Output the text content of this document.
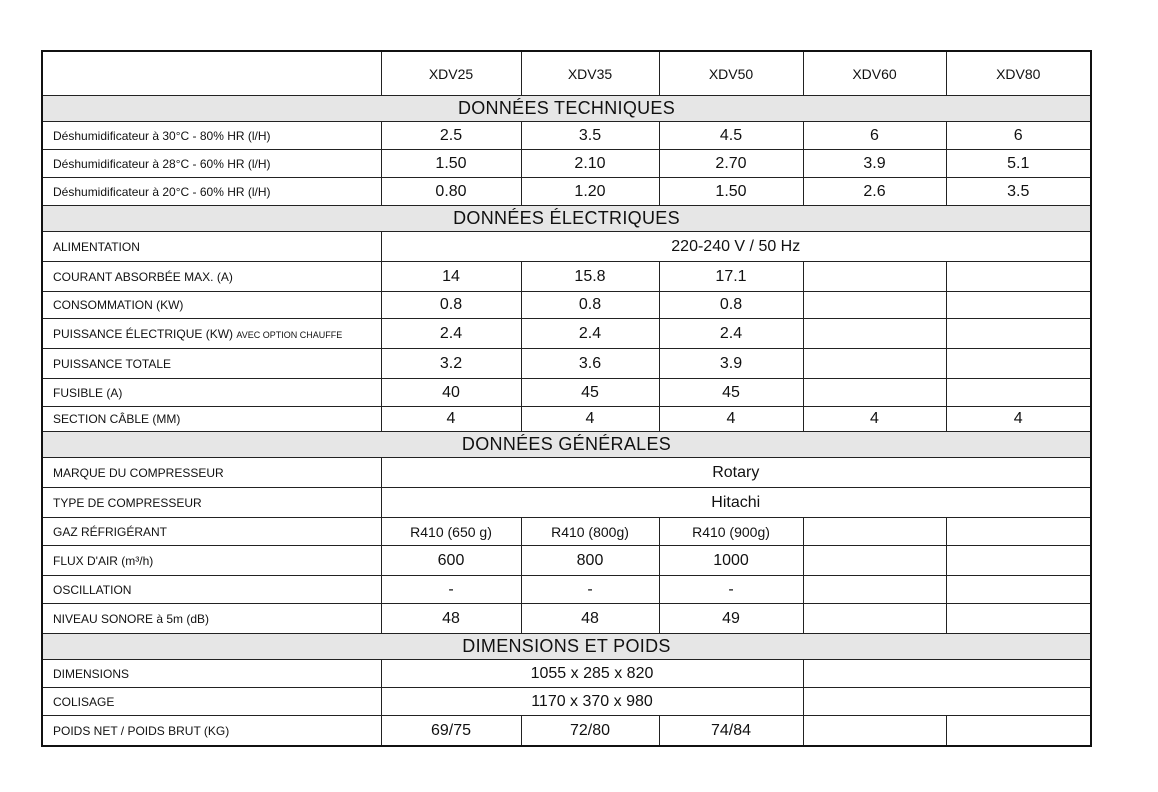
	XDV25	XDV35	XDV50	XDV60	XDV80
DONNÉES TECHNIQUES					
Déshumidificateur à 30°C - 80% HR (l/H)	2.5	3.5	4.5	6	6
Déshumidificateur à 28°C - 60% HR (l/H)	1.50	2.10	2.70	3.9	5.1
Déshumidificateur à 20°C - 60% HR (l/H)	0.80	1.20	1.50	2.6	3.5
DONNÉES ÉLECTRIQUES					
ALIMENTATION	220-240 V / 50 Hz				
COURANT ABSORBÉE MAX. (A)	14	15.8	17.1		
CONSOMMATION (KW)	0.8	0.8	0.8		
PUISSANCE ÉLECTRIQUE (KW) AVEC OPTION CHAUFFE	2.4	2.4	2.4		
PUISSANCE TOTALE	3.2	3.6	3.9		
FUSIBLE (A)	40	45	45		
SECTION CÂBLE (MM)	4	4	4	4	4
DONNÉES GÉNÉRALES					
MARQUE DU COMPRESSEUR	Rotary				
TYPE DE COMPRESSEUR	Hitachi				
GAZ RÉFRIGÉRANT	R410 (650 g)	R410 (800g)	R410 (900g)		
FLUX D'AIR (m³/h)	600	800	1000		
OSCILLATION	-	-	-		
NIVEAU SONORE à 5m (dB)	48	48	49		
DIMENSIONS ET POIDS					
DIMENSIONS	1055 x 285 x 820				
COLISAGE	1170 x 370 x 980				
POIDS NET / POIDS BRUT (KG)	69/75	72/80	74/84		
